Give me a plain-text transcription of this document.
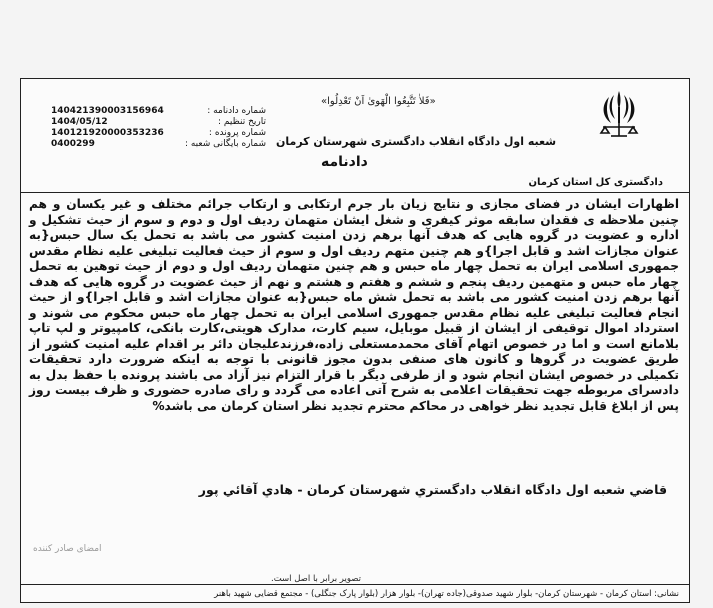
دادگستری کل استان کرمان
«فَلاٰ تَتَّبِعُوا الْهَوىٰ اَنْ تَعْدِلُوا»
شعبه اول دادگاه انقلاب دادگستری شهرستان کرمان
دادنامه
شماره دادنامه :
140421390003156964
تاریخ تنظیم :
1404/05/12
شماره پرونده :
140121920000353236
شماره بایگانی شعبه :
0400299

اظهارات ایشان در فضای مجازی و نتایج زیان بار جرم ارتکابی و ارتکاب جرائم مختلف و غیر یکسان و هم چنین ملاحظه ی فقدان سابقه موثر کیفری و شغل ایشان متهمان ردیف اول و دوم و سوم از حیث تشکیل و اداره و عضویت در گروه هایی که هدف آنها برهم زدن امنیت کشور می باشد به تحمل یک سال حبس{به عنوان مجازات اشد و قابل اجرا}و هم چنین متهم ردیف اول و سوم از حیث فعالیت تبلیغی علیه نظام مقدس جمهوری اسلامی ایران به تحمل چهار ماه حبس و هم چنین متهمان ردیف اول و دوم از حیث توهین به تحمل چهار ماه حبس و متهمین ردیف پنجم و ششم و هفتم و هشتم و نهم از حیث عضویت در گروه هایی که هدف آنها برهم زدن امنیت کشور می باشد به تحمل شش ماه حبس{به عنوان مجازات اشد و قابل اجرا}و از حیث انجام فعالیت تبلیغی علیه نظام مقدس جمهوری اسلامی ایران به تحمل چهار ماه حبس محکوم می شوند و استرداد اموال توقیفی از ایشان از قبیل موبایل، سیم کارت، مدارک هویتی،کارت بانکی، کامپیوتر و لپ تاپ بلامانع است و اما در خصوص اتهام آقای محمدمستعلی زاده،فرزندعلیجان دائر بر اقدام علیه امنیت کشور از طریق عضویت در گروها و کانون های صنفی بدون مجوز قانونی با توجه به اینکه ضرورت دارد تحقیقات تکمیلی در خصوص ایشان انجام شود و از طرفی دیگر با قرار التزام نیز آزاد می باشند پرونده با حفظ بدل به دادسرای مربوطه جهت تحقیقات اعلامی به شرح آتی اعاده می گردد و رای صادره حضوری و ظرف بیست روز پس از ابلاغ قابل تجدید نظر خواهی در محاکم محترم تجدید نظر استان کرمان می باشد%

قاضي شعبه اول دادگاه انقلاب دادگستري شهرستان كرمان - هادي آقائي پور
امضای صادر کننده
تصویر برابر با اصل است.
نشانی: استان کرمان - شهرستان کرمان- بلوار شهید صدوقی(جاده تهران)- بلوار هزار (بلوار پارک جنگلی) - مجتمع قضایی شهید باهنر
